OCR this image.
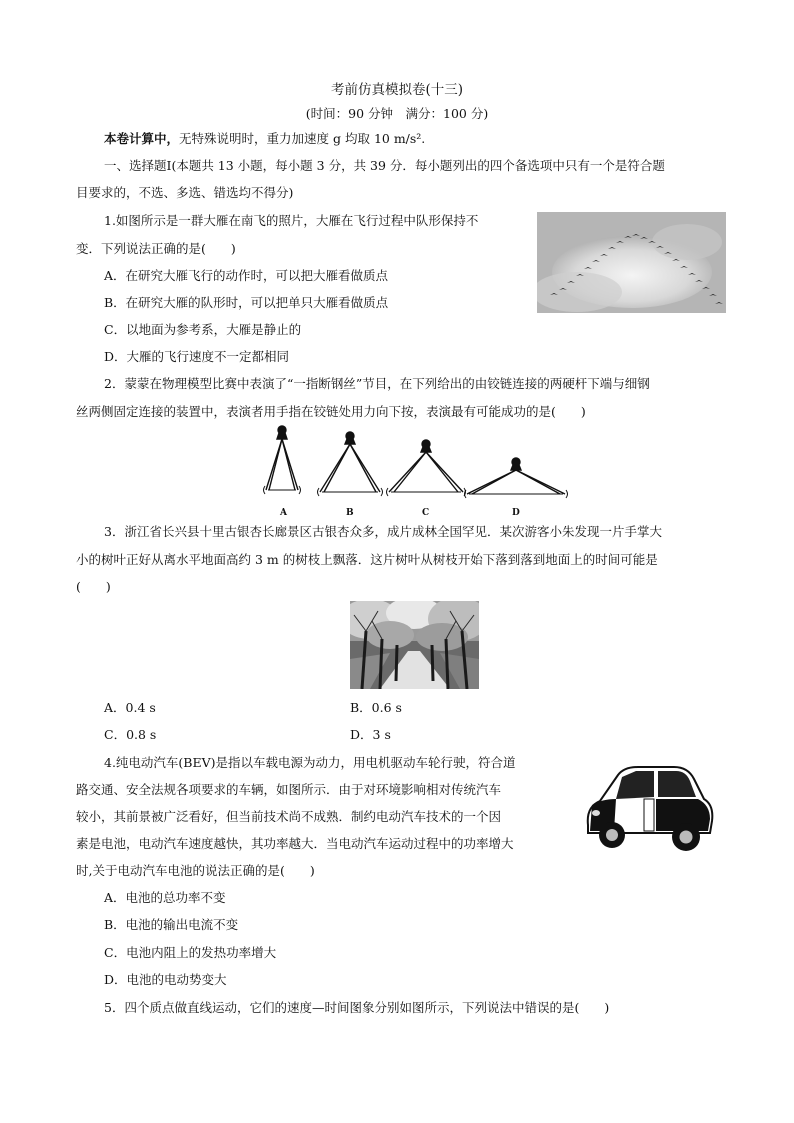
考前仿真模拟卷(十三)
(时间：90 分钟　满分：100 分)
本卷计算中，无特殊说明时，重力加速度 g 均取 10 m/s².
一、选择题Ⅰ(本题共 13 小题，每小题 3 分，共 39 分．每小题列出的四个备选项中只有一个是符合题
目要求的，不选、多选、错选均不得分)
1.如图所示是一群大雁在南飞的照片，大雁在飞行过程中队形保持不
变．下列说法正确的是(　　)
A．在研究大雁飞行的动作时，可以把大雁看做质点
B．在研究大雁的队形时，可以把单只大雁看做质点
C．以地面为参考系，大雁是静止的
D．大雁的飞行速度不一定都相同
2．蒙蒙在物理模型比赛中表演了“一指断钢丝”节目，在下列给出的由铰链连接的两硬杆下端与细钢
丝两侧固定连接的装置中，表演者用手指在铰链处用力向下按，表演最有可能成功的是(　　)
A	B	C	D
3．浙江省长兴县十里古银杏长廊景区古银杏众多，成片成林全国罕见．某次游客小朱发现一片手掌大
小的树叶正好从离水平地面高约 3 m 的树枝上飘落．这片树叶从树枝开始下落到落到地面上的时间可能是
(　　)
A．0.4 s	B．0.6 s
C．0.8 s	D．3 s
4.纯电动汽车(BEV)是指以车载电源为动力，用电机驱动车轮行驶，符合道
路交通、安全法规各项要求的车辆，如图所示．由于对环境影响相对传统汽车
较小，其前景被广泛看好，但当前技术尚不成熟．制约电动汽车技术的一个因
素是电池，电动汽车速度越快，其功率越大．当电动汽车运动过程中的功率增大
时,关于电动汽车电池的说法正确的是(　　)
A．电池的总功率不变
B．电池的输出电流不变
C．电池内阻上的发热功率增大
D．电池的电动势变大
5．四个质点做直线运动，它们的速度—时间图象分别如图所示，下列说法中错误的是(　　)
